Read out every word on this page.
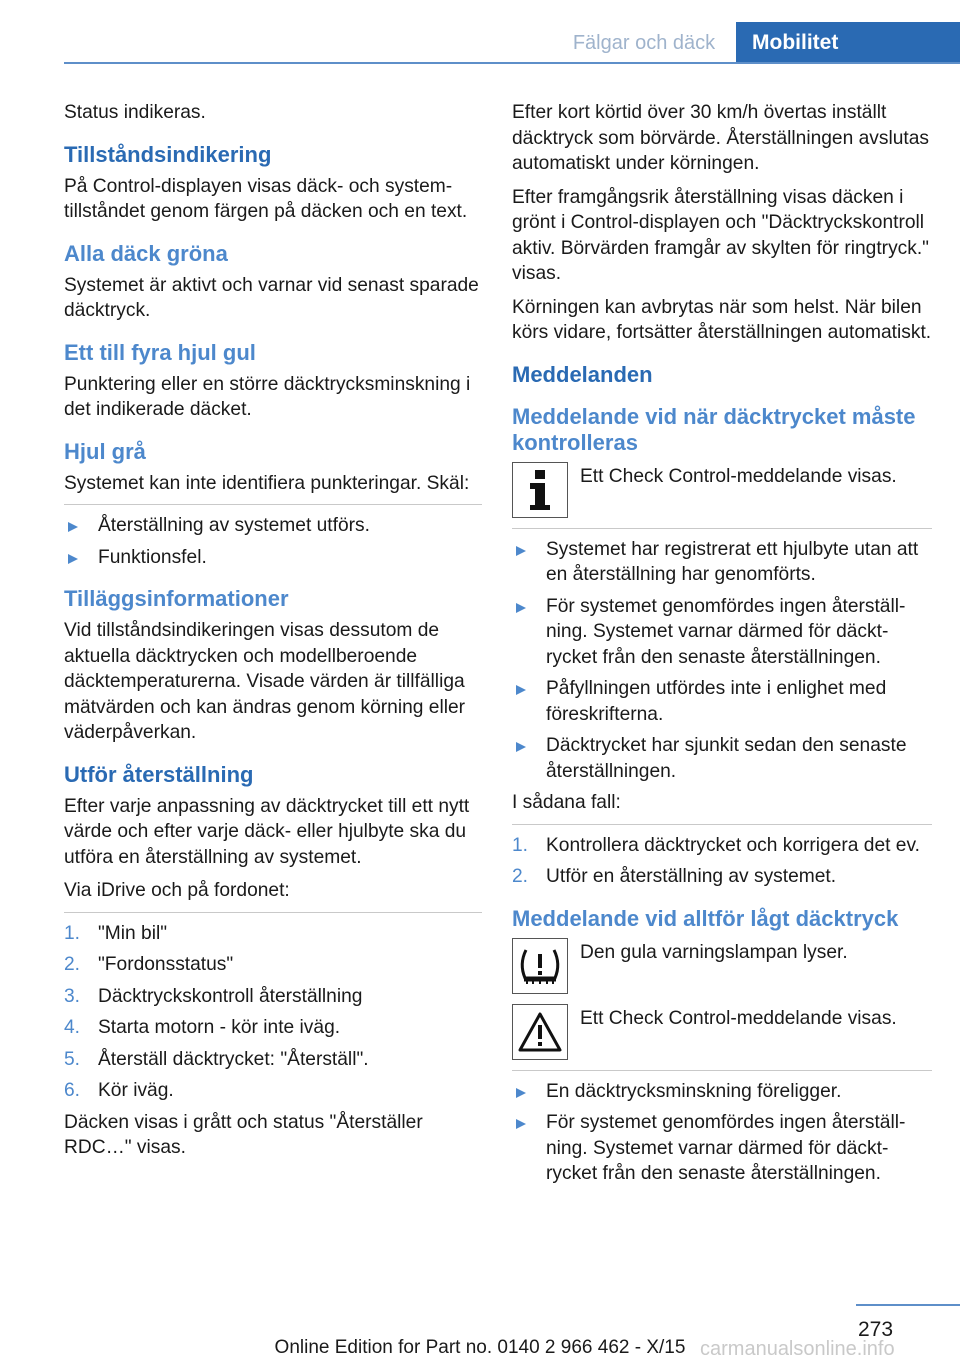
Fälgar och däck	Mobilitet

Status indikeras.

Tillståndsindikering

På Control-displayen visas däck- och systemtillståndet genom färgen på däcken och en text.

Alla däck gröna

Systemet är aktivt och varnar vid senast sparade däcktryck.

Ett till fyra hjul gul

Punktering eller en större däcktrycksminskning i det indikerade däcket.

Hjul grå

Systemet kan inte identifiera punkteringar. Skäl:

Återställning av systemet utförs.
Funktionsfel.
Tilläggsinformationer

Vid tillståndsindikeringen visas dessutom de aktuella däcktrycken och modellberoende däcktemperaturerna. Visade värden är tillfälliga mätvärden och kan ändras genom körning eller väderpåverkan.

Utför återställning

Efter varje anpassning av däcktrycket till ett nytt värde och efter varje däck- eller hjulbyte ska du utföra en återställning av systemet.

Via iDrive och på fordonet:

1. "Min bil"
2. "Fordonsstatus"
3. Däcktryckskontroll återställning
4. Starta motorn - kör inte iväg.
5. Återställ däcktrycket: "Återställ".
6. Kör iväg.

Däcken visas i grått och status "Återställer RDC…" visas.

Efter kort körtid över 30 km/h övertas inställt däcktryck som börvärde. Återställningen avslutas automatiskt under körningen.

Efter framgångsrik återställning visas däcken i grönt i Control-displayen och "Däcktryckskontroll aktiv. Börvärden framgår av skylten för ringtryck." visas.

Körningen kan avbrytas när som helst. När bilen körs vidare, fortsätter återställningen automatiskt.

Meddelanden
Meddelande vid när däcktrycket måste kontrolleras
Ett Check Control-meddelande visas.
Systemet har registrerat ett hjulbyte utan att en återställning har genomförts.
För systemet genomfördes ingen återställning. Systemet varnar därmed för däcktrycket från den senaste återställningen.
Påfyllningen utfördes inte i enlighet med föreskrifterna.
Däcktrycket har sjunkit sedan den senaste återställningen.

I sådana fall:

1. Kontrollera däcktrycket och korrigera det ev.
2. Utför en återställning av systemet.
Meddelande vid alltför lågt däcktryck
Den gula varningslampan lyser.
Ett Check Control-meddelande visas.
En däcktrycksminskning föreligger.
För systemet genomfördes ingen återställning. Systemet varnar därmed för däcktrycket från den senaste återställningen.
273
Online Edition for Part no. 0140 2 966 462 - X/15 carmanualsonline.info
